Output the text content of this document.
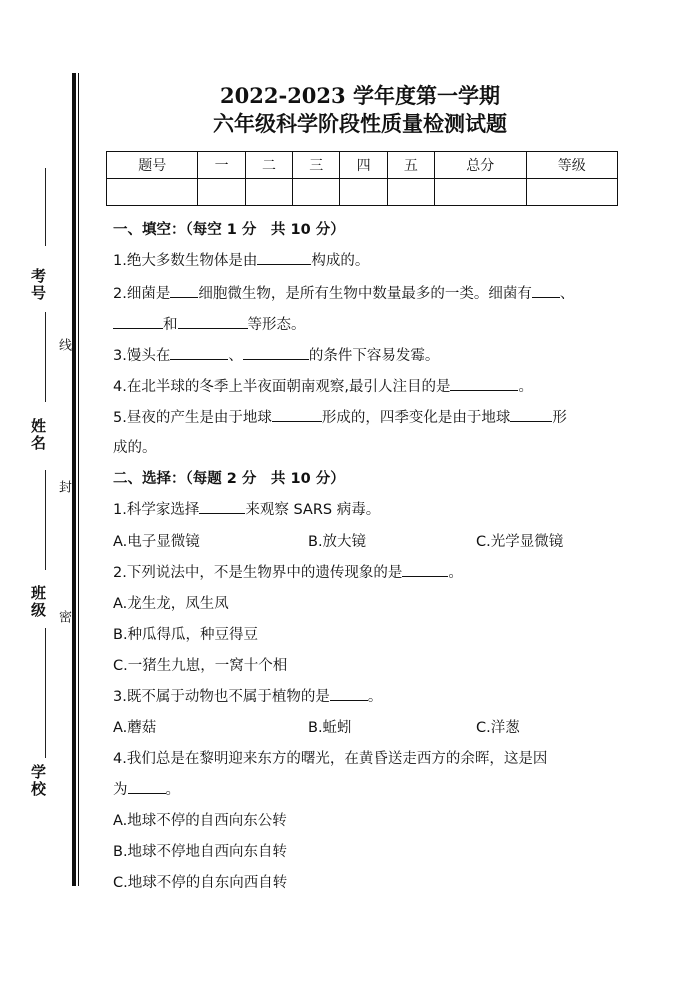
考号
姓名
班级
学校
线
封
密
2022-2023 学年度第一学期
六年级科学阶段性质量检测试题
题号	一	二	三	四	五	总分	等级

一、填空：（每空 1 分　共 10 分）
1.绝大多数生物体是由	构成的。
2.细菌是 细胞微生物，是所有生物中数量最多的一类。细菌有 、
和	等形态。
3.馒头在	、	的条件下容易发霉。
4.在北半球的冬季上半夜面朝南观察,最引人注目的是	。
5.昼夜的产生是由于地球	形成的，四季变化是由于地球	形
成的。
二、选择：（每题 2 分　共 10 分）
1.科学家选择	来观察 SARS 病毒。
A.电子显微镜	B.放大镜	C.光学显微镜
2.下列说法中，不是生物界中的遗传现象的是	。
A.龙生龙，凤生凤
B.种瓜得瓜，种豆得豆
C.一猪生九崽，一窝十个相
3.既不属于动物也不属于植物的是	。
A.蘑菇	B.蚯蚓	C.洋葱
4.我们总是在黎明迎来东方的曙光，在黄昏送走西方的余晖，这是因
为	。
A.地球不停的自西向东公转
B.地球不停地自西向东自转
C.地球不停的自东向西自转
